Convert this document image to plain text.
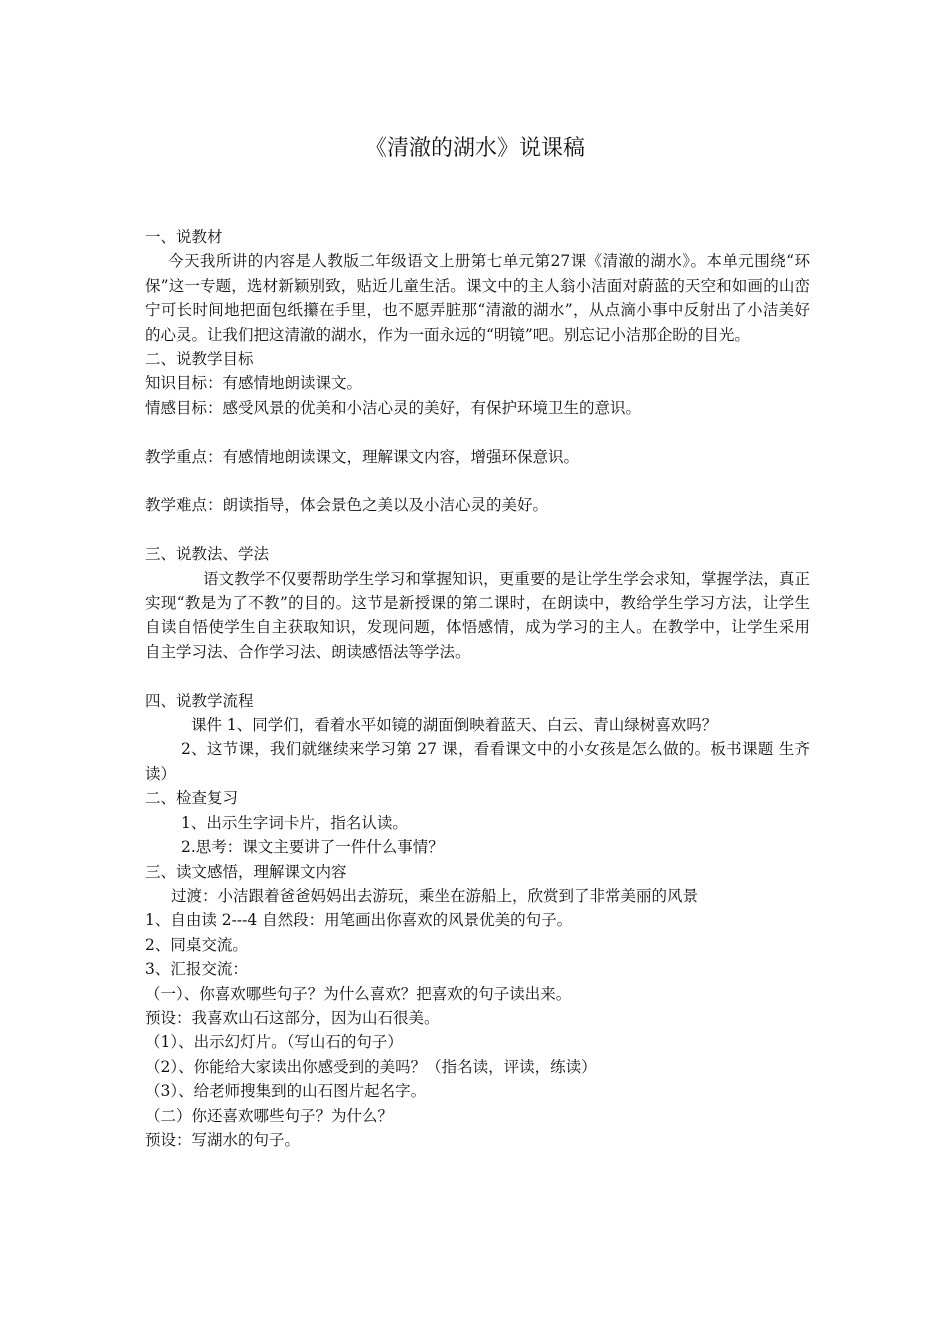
《清澈的湖水》说课稿

一、说教材

今天我所讲的内容是人教版二年级语文上册第七单元第27课《清澈的湖水》。本单元围绕“环保”这一专题，选材新颖别致，贴近儿童生活。课文中的主人翁小洁面对蔚蓝的天空和如画的山峦宁可长时间地把面包纸攥在手里，也不愿弄脏那“清澈的湖水”，从点滴小事中反射出了小洁美好的心灵。让我们把这清澈的湖水，作为一面永远的“明镜”吧。别忘记小洁那企盼的目光。

二、说教学目标

知识目标：有感情地朗读课文。

情感目标：感受风景的优美和小洁心灵的美好，有保护环境卫生的意识。

教学重点：有感情地朗读课文，理解课文内容，增强环保意识。

教学难点：朗读指导，体会景色之美以及小洁心灵的美好。

三、说教法、学法

语文教学不仅要帮助学生学习和掌握知识，更重要的是让学生学会求知，掌握学法，真正实现“教是为了不教”的目的。这节是新授课的第二课时，在朗读中，教给学生学习方法，让学生自读自悟使学生自主获取知识，发现问题，体悟感情，成为学习的主人。在教学中，让学生采用自主学习法、合作学习法、朗读感悟法等学法。

四、说教学流程

课件 1、同学们，看着水平如镜的湖面倒映着蓝天、白云、青山绿树喜欢吗？

2、这节课，我们就继续来学习第 27 课，看看课文中的小女孩是怎么做的。板书课题 生齐读）

二、检查复习

1、出示生字词卡片，指名认读。

2.思考：课文主要讲了一件什么事情？

三、读文感悟，理解课文内容

过渡：小洁跟着爸爸妈妈出去游玩，乘坐在游船上，欣赏到了非常美丽的风景

1、自由读 2---4 自然段：用笔画出你喜欢的风景优美的句子。

2、同桌交流。

3、汇报交流：

（一）、你喜欢哪些句子？为什么喜欢？把喜欢的句子读出来。

预设：我喜欢山石这部分，因为山石很美。

（1）、出示幻灯片。（写山石的句子）

（2）、你能给大家读出你感受到的美吗？（指名读，评读，练读）

（3）、给老师搜集到的山石图片起名字。

（二）你还喜欢哪些句子？为什么？

预设：写湖水的句子。
